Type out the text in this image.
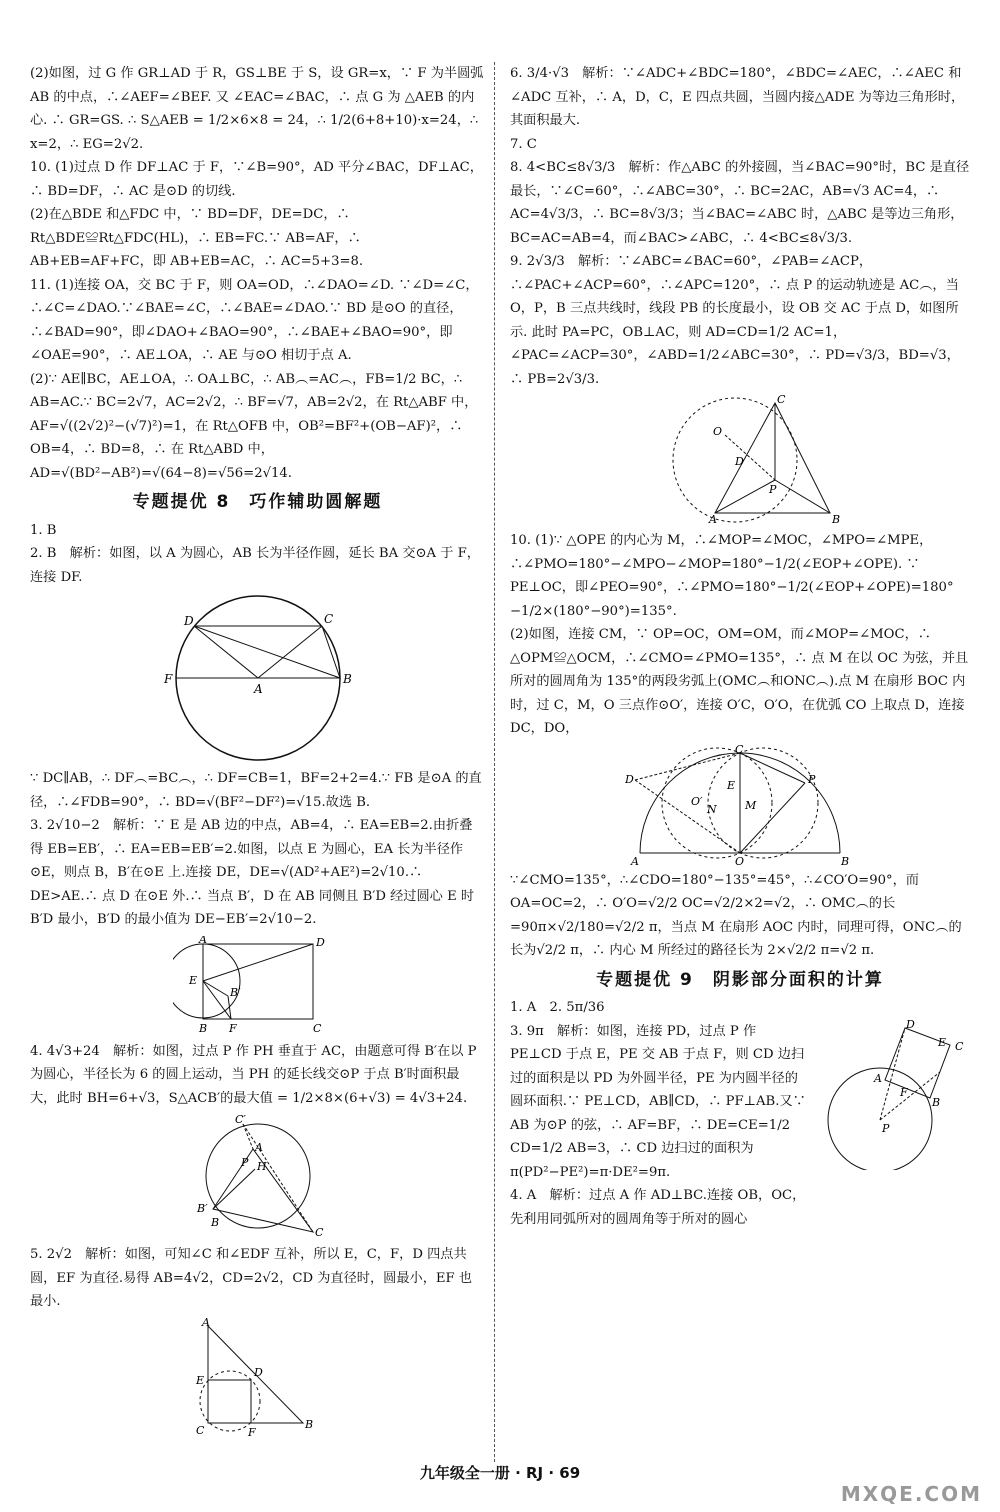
(2)如图，过 G 作 GR⊥AD 于 R，GS⊥BE 于 S，设 GR=x，∵ F 为半圆弧 AB 的中点，∴∠AEF=∠BEF. 又 ∠EAC=∠BAC，∴ 点 G 为 △AEB 的内心. ∴ GR=GS. ∴ S△AEB = 1/2×6×8 = 24，∴ 1/2(6+8+10)·x=24，∴ x=2，∴ EG=2√2.

10. (1)过点 D 作 DF⊥AC 于 F，∵∠B=90°，AD 平分∠BAC，DF⊥AC，∴ BD=DF，∴ AC 是⊙D 的切线.

(2)在△BDE 和△FDC 中，∵ BD=DF，DE=DC，∴ Rt△BDE≌Rt△FDC(HL)，∴ EB=FC.∵ AB=AF，∴ AB+EB=AF+FC，即 AB+EB=AC，∴ AC=5+3=8.

11. (1)连接 OA，交 BC 于 F，则 OA=OD，∴∠DAO=∠D. ∵∠D=∠C，∴∠C=∠DAO.∵∠BAE=∠C，∴∠BAE=∠DAO.∵ BD 是⊙O 的直径，∴∠BAD=90°，即∠DAO+∠BAO=90°，∴∠BAE+∠BAO=90°，即∠OAE=90°，∴ AE⊥OA，∴ AE 与⊙O 相切于点 A.

(2)∵ AE∥BC，AE⊥OA，∴ OA⊥BC，∴ AB︵=AC︵，FB=1/2 BC，∴ AB=AC.∵ BC=2√7，AC=2√2，∴ BF=√7，AB=2√2，在 Rt△ABF 中，AF=√((2√2)²−(√7)²)=1，在 Rt△OFB 中，OB²=BF²+(OB−AF)²，∴ OB=4，∴ BD=8，∴ 在 Rt△ABD 中，AD=√(BD²−AB²)=√(64−8)=√56=2√14.

专题提优 8　巧作辅助圆解题

1. B

2. B　解析：如图，以 A 为圆心，AB 长为半径作圆，延长 BA 交⊙A 于 F，连接 DF.

D	C
F
A
B

∵ DC∥AB，∴ DF︵=BC︵，∴ DF=CB=1，BF=2+2=4.∵ FB 是⊙A 的直径，∴∠FDB=90°，∴ BD=√(BF²−DF²)=√15.故选 B.

3. 2√10−2　解析：∵ E 是 AB 边的中点，AB=4，∴ EA=EB=2.由折叠得 EB=EB′，∴ EA=EB=EB′=2.如图，以点 E 为圆心，EA 长为半径作⊙E，则点 B，B′在⊙E 上.连接 DE，DE=√(AD²+AE²)=2√10.∴ DE>AE.∴ 点 D 在⊙E 外.∴ 当点 B′，D 在 AB 同侧且 B′D 经过圆心 E 时 B′D 最小，B′D 的最小值为 DE−EB′=2√10−2.

A	D
E
B′
B F	C

4. 4√3+24　解析：如图，过点 P 作 PH 垂直于 AC，由题意可得 B′在以 P 为圆心，半径长为 6 的圆上运动，当 PH 的延长线交⊙P 于点 B′时面积最大，此时 BH=6+√3，S△ACB′的最大值 = 1/2×8×(6+√3) = 4√3+24.

C′
A
P H
B′
B
C

5. 2√2　解析：如图，可知∠C 和∠EDF 互补，所以 E，C，F，D 四点共圆，EF 为直径.易得 AB=4√2，CD=2√2，CD 为直径时，圆最小，EF 也最小.

A
D
E
C	F
B

6. 3/4·√3　解析：∵∠ADC+∠BDC=180°，∠BDC=∠AEC，∴∠AEC 和∠ADC 互补，∴ A，D，C，E 四点共圆，当圆内接△ADE 为等边三角形时，其面积最大.

7. C

8. 4<BC≤8√3/3　解析：作△ABC 的外接圆，当∠BAC=90°时，BC 是直径最长，∵∠C=60°，∴∠ABC=30°，∴ BC=2AC，AB=√3 AC=4，∴ AC=4√3/3，∴ BC=8√3/3；当∠BAC=∠ABC 时，△ABC 是等边三角形，BC=AC=AB=4，而∠BAC>∠ABC，∴ 4<BC≤8√3/3.

9. 2√3/3　解析：∵∠ABC=∠BAC=60°，∠PAB=∠ACP，∴∠PAC+∠ACP=60°，∴∠APC=120°，∴ 点 P 的运动轨迹是 AC︵，当 O，P，B 三点共线时，线段 PB 的长度最小，设 OB 交 AC 于点 D，如图所示. 此时 PA=PC，OB⊥AC，则 AD=CD=1/2 AC=1，∠PAC=∠ACP=30°，∠ABD=1/2∠ABC=30°，∴ PD=√3/3，BD=√3，∴ PB=2√3/3.

C
O
D
P
A	B

10. (1)∵ △OPE 的内心为 M，∴∠MOP=∠MOC，∠MPO=∠MPE，∴∠PMO=180°−∠MPO−∠MOP=180°−1/2(∠EOP+∠OPE). ∵ PE⊥OC，即∠PEO=90°，∴∠PMO=180°−1/2(∠EOP+∠OPE)=180°−1/2×(180°−90°)=135°.

(2)如图，连接 CM，∵ OP=OC，OM=OM，而∠MOP=∠MOC，∴ △OPM≌△OCM，∴∠CMO=∠PMO=135°，∴ 点 M 在以 OC 为弦，并且所对的圆周角为 135°的两段劣弧上(OMC︵和ONC︵).点 M 在扇形 BOC 内时，过 C，M，O 三点作⊙O′，连接 O′C，O′O，在优弧 CO 上取点 D，连接 DC，DO，

C
P
D	E
O′
N	M
A	O	B

∵∠CMO=135°，∴∠CDO=180°−135°=45°，∴∠CO′O=90°，而 OA=OC=2，∴ O′O=√2/2 OC=√2/2×2=√2，∴ OMC︵的长=90π×√2/180=√2/2 π，当点 M 在扇形 AOC 内时，同理可得，ONC︵的长为√2/2 π，∴ 内心 M 所经过的路径长为 2×√2/2 π=√2 π.

专题提优 9　阴影部分面积的计算

1. A　2. 5π/36

D
E C
A
F
B
P

3. 9π　解析：如图，连接 PD，过点 P 作 PE⊥CD 于点 E，PE 交 AB 于点 F，则 CD 边扫过的面积是以 PD 为外圆半径，PE 为内圆半径的圆环面积.∵ PE⊥CD，AB∥CD，∴ PF⊥AB.又∵ AB 为⊙P 的弦，∴ AF=BF，∴ DE=CE=1/2 CD=1/2 AB=3，∴ CD 边扫过的面积为 π(PD²−PE²)=π·DE²=9π.

4. A　解析：过点 A 作 AD⊥BC.连接 OB，OC，先利用同弧所对的圆周角等于所对的圆心

九年级全一册 · RJ · 69
MXQE.COM
